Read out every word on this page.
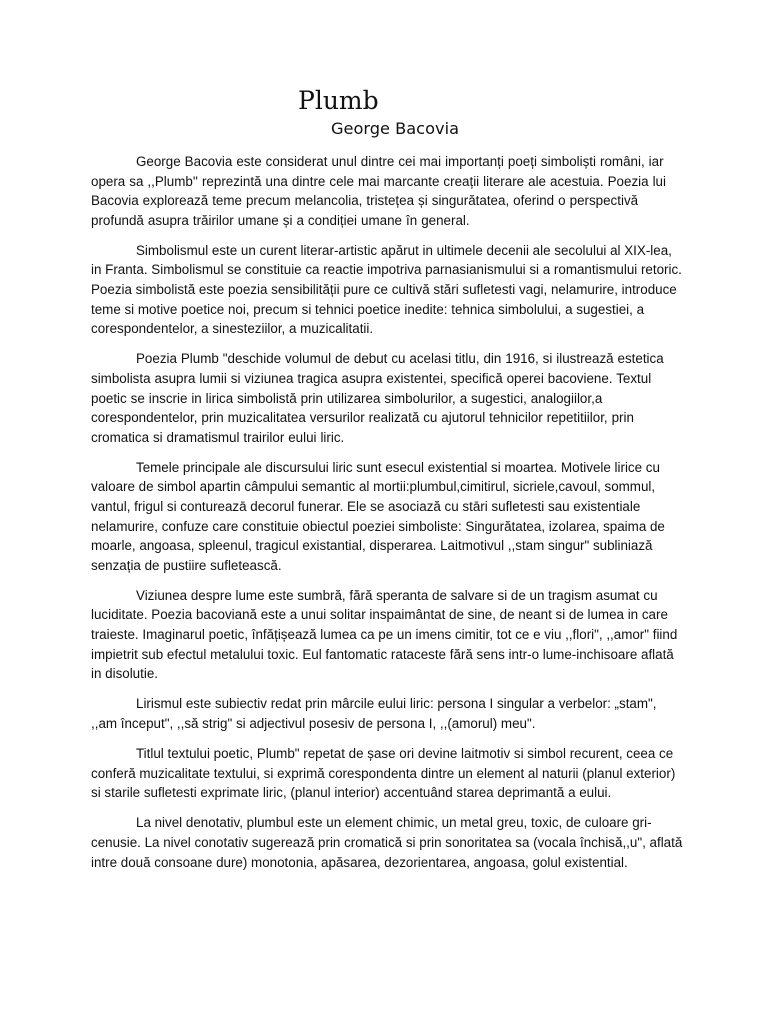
Plumb
George Bacovia

George Bacovia este considerat unul dintre cei mai importanți poeți simboliști români, iar opera sa ,,Plumb'' reprezintă una dintre cele mai marcante creații literare ale acestuia. Poezia lui Bacovia explorează teme precum melancolia, tristețea și singurătatea, oferind o perspectivă profundă asupra trăirilor umane și a condiției umane în general.

Simbolismul este un curent literar-artistic apărut in ultimele decenii ale secolului al XIX-lea, in Franta. Simbolismul se constituie ca reactie impotriva parnasianismului si a romantismului retoric. Poezia simbolistă este poezia sensibilității pure ce cultivă stări sufletesti vagi, nelamurire, introduce teme si motive poetice noi, precum si tehnici poetice inedite: tehnica simbolului, a sugestiei, a corespondentelor, a sinesteziilor, a muzicalitatii.

Poezia Plumb "deschide volumul de debut cu acelasi titlu, din 1916, si ilustrează estetica simbolista asupra lumii si viziunea tragica asupra existentei, specifică operei bacoviene. Textul poetic se inscrie in lirica simbolistă prin utilizarea simbolurilor, a sugestici, analogiilor,a corespondentelor, prin muzicalitatea versurilor realizată cu ajutorul tehnicilor repetitiilor, prin cromatica si dramatismul trairilor eului liric.

Temele principale ale discursului liric sunt esecul existential si moartea. Motivele lirice cu valoare de simbol apartin câmpului semantic al mortii:plumbul,cimitirul, sicriele,cavoul, sommul, vantul, frigul si contureazā decorul funerar. Ele se asociază cu stāri sufletesti sau existentiale nelamurire, confuze care constituie obiectul poeziei simboliste: Singurătatea, izolarea, spaima de moarle, angoasa, spleenul, tragicul existantial, disperarea. Laitmotivul ,,stam singur" subliniază senzația de pustiire sufletească.

Viziunea despre lume este sumbră, fără speranta de salvare si de un tragism asumat cu luciditate. Poezia bacoviană este a unui solitar inspaimântat de sine, de neant si de lumea in care traieste. Imaginarul poetic, înfățișează lumea ca pe un imens cimitir, tot ce e viu ,,flori", ,,amor" fiind impietrit sub efectul metalului toxic. Eul fantomatic rataceste fără sens intr-o lume-inchisoare aflată in disolutie.

Lirismul este subiectiv redat prin mârcile eului liric: persona I singular a verbelor: „stam", ,,am început", ,,să strig" si adjectivul posesiv de persona I, ,,(amorul) meu".

Titlul textului poetic, Plumb" repetat de șase ori devine laitmotiv si simbol recurent, ceea ce conferă muzicalitate textului, si exprimă corespondenta dintre un element al naturii (planul exterior) si starile sufletesti exprimate liric, (planul interior) accentuând starea deprimantă a eului.

La nivel denotativ, plumbul este un element chimic, un metal greu, toxic, de culoare gri-cenusie. La nivel conotativ sugerează prin cromatică si prin sonoritatea sa (vocala închisă,,u", aflată intre două consoane dure) monotonia, apăsarea, dezorientarea, angoasa, golul existential.
